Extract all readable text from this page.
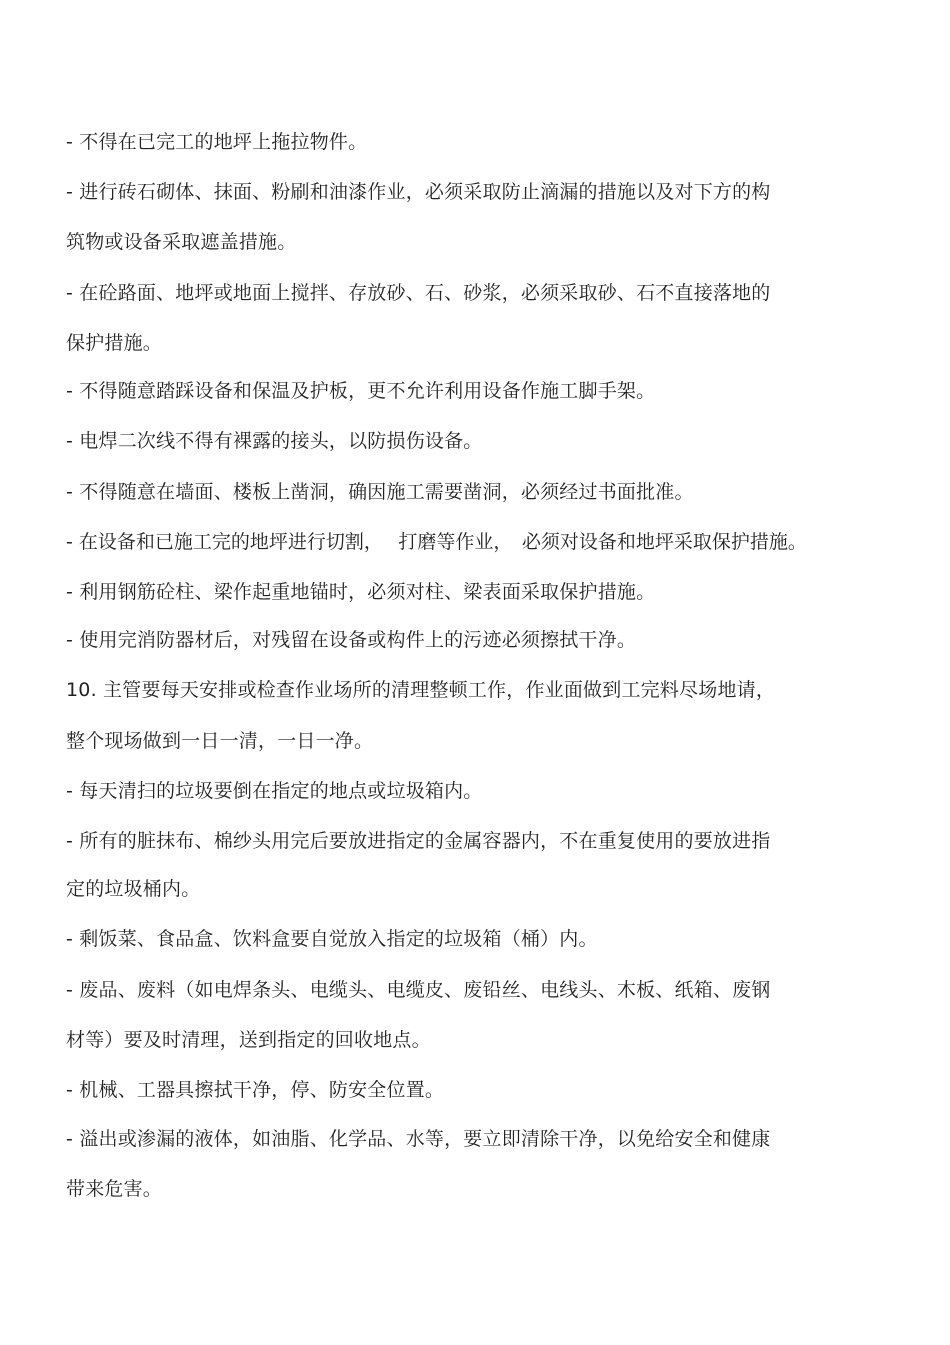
- 不得在已完工的地坪上拖拉物件。
- 进行砖石砌体、抹面、粉刷和油漆作业，必须采取防止滴漏的措施以及对下方的构
筑物或设备采取遮盖措施。
- 在砼路面、地坪或地面上搅拌、存放砂、石、砂浆，必须采取砂、石不直接落地的
保护措施。
- 不得随意踏踩设备和保温及护板，更不允许利用设备作施工脚手架。
- 电焊二次线不得有裸露的接头，以防损伤设备。
- 不得随意在墙面、楼板上凿洞，确因施工需要凿洞，必须经过书面批准。
- 在设备和已施工完的地坪进行切割，　 打磨等作业，　必须对设备和地坪采取保护措施。
- 利用钢筋砼柱、梁作起重地锚时，必须对柱、梁表面采取保护措施。
- 使用完消防器材后，对残留在设备或构件上的污迹必须擦拭干净。
10. 主管要每天安排或检查作业场所的清理整顿工作，作业面做到工完料尽场地请，
整个现场做到一日一清，一日一净。
- 每天清扫的垃圾要倒在指定的地点或垃圾箱内。
- 所有的脏抹布、棉纱头用完后要放进指定的金属容器内，不在重复使用的要放进指
定的垃圾桶内。
- 剩饭菜、食品盒、饮料盒要自觉放入指定的垃圾箱（桶）内。
- 废品、废料（如电焊条头、电缆头、电缆皮、废铅丝、电线头、木板、纸箱、废钢
材等）要及时清理，送到指定的回收地点。
- 机械、工器具擦拭干净，停、防安全位置。
- 溢出或渗漏的液体，如油脂、化学品、水等，要立即清除干净，以免给安全和健康
带来危害。
